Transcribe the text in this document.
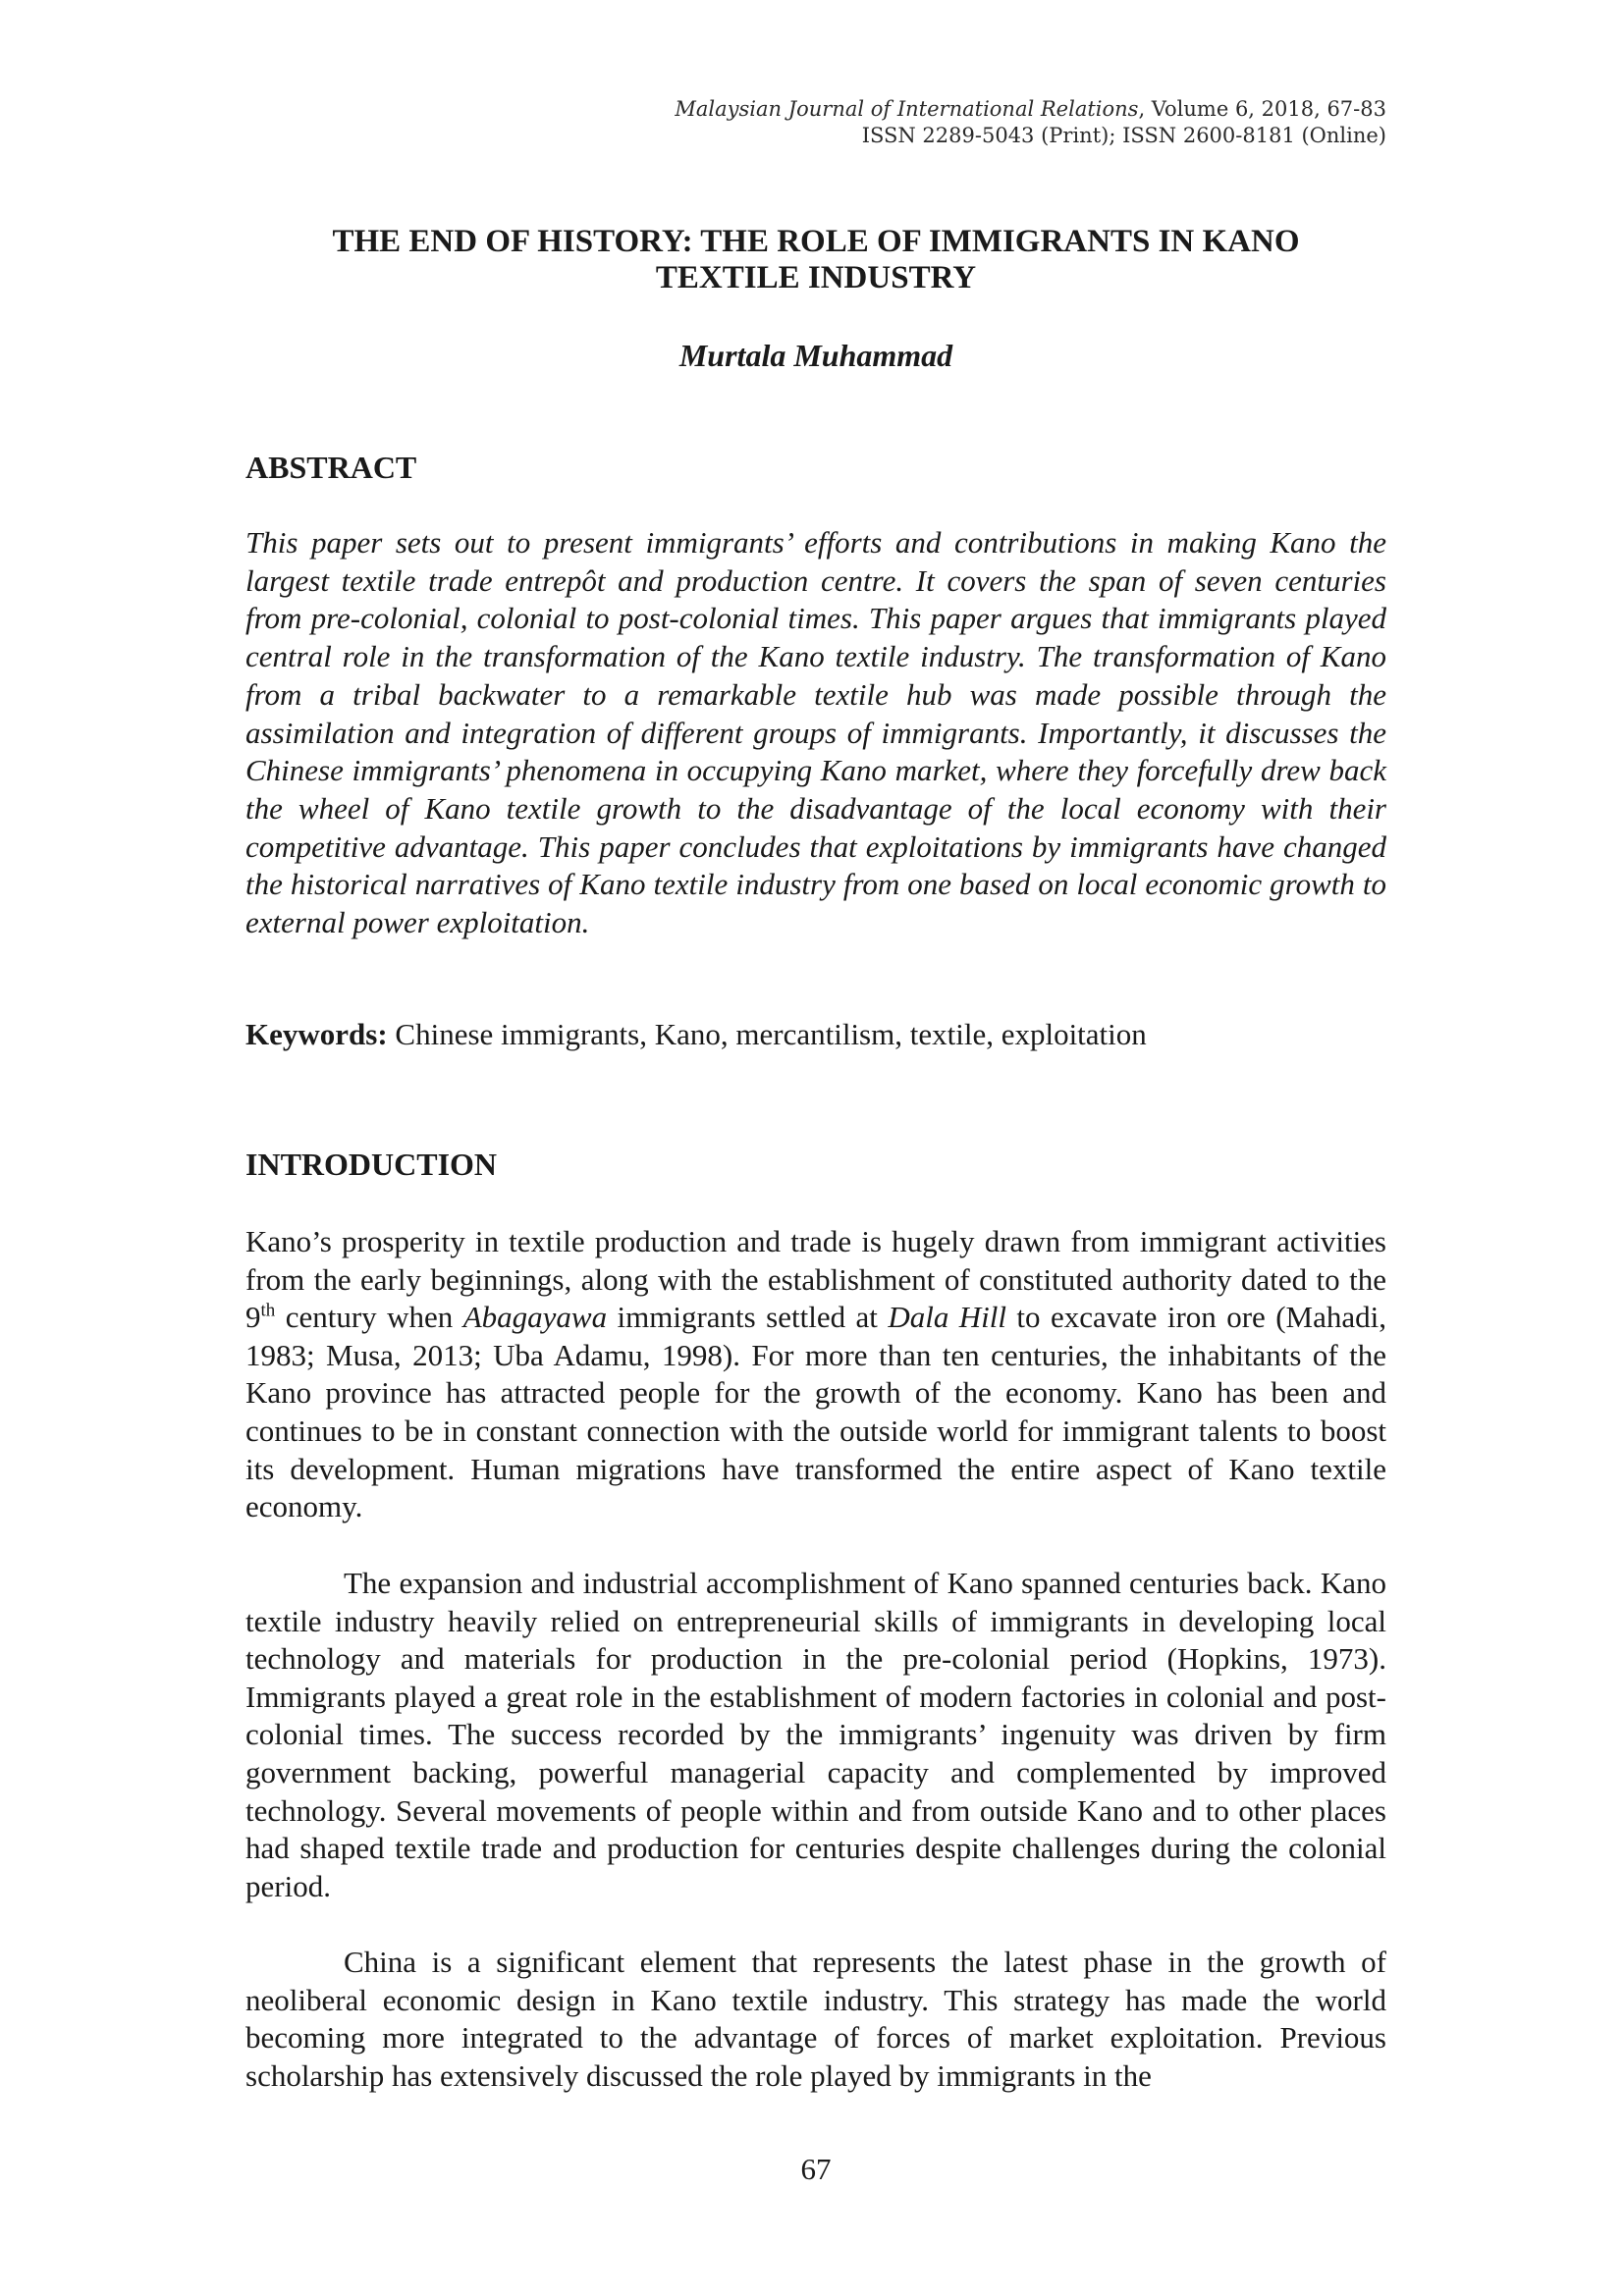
Malaysian Journal of International Relations, Volume 6, 2018, 67-83
ISSN 2289-5043 (Print); ISSN 2600-8181 (Online)
THE END OF HISTORY: THE ROLE OF IMMIGRANTS IN KANO
TEXTILE INDUSTRY

Murtala Muhammad

ABSTRACT

This paper sets out to present immigrants’ efforts and contributions in making Kano the largest textile trade entrepôt and production centre. It covers the span of seven centuries from pre-colonial, colonial to post-colonial times. This paper argues that immigrants played central role in the transformation of the Kano textile industry. The transformation of Kano from a tribal backwater to a remarkable textile hub was made possible through the assimilation and integration of different groups of immigrants. Importantly, it discusses the Chinese immigrants’ phenomena in occupying Kano market, where they forcefully drew back the wheel of Kano textile growth to the disadvantage of the local economy with their competitive advantage. This paper concludes that exploitations by immigrants have changed the historical narratives of Kano textile industry from one based on local economic growth to external power exploitation.

Keywords: Chinese immigrants, Kano, mercantilism, textile, exploitation

INTRODUCTION

Kano’s prosperity in textile production and trade is hugely drawn from immigrant activities from the early beginnings, along with the establishment of constituted authority dated to the 9th century when Abagayawa immigrants settled at Dala Hill to excavate iron ore (Mahadi, 1983; Musa, 2013; Uba Adamu, 1998). For more than ten centuries, the inhabitants of the Kano province has attracted people for the growth of the economy. Kano has been and continues to be in constant connection with the outside world for immigrant talents to boost its development. Human migrations have transformed the entire aspect of Kano textile economy.

The expansion and industrial accomplishment of Kano spanned centuries back. Kano textile industry heavily relied on entrepreneurial skills of immigrants in developing local technology and materials for production in the pre-colonial period (Hopkins, 1973). Immigrants played a great role in the establishment of modern factories in colonial and post-colonial times. The success recorded by the immigrants’ ingenuity was driven by firm government backing, powerful managerial capacity and complemented by improved technology. Several movements of people within and from outside Kano and to other places had shaped textile trade and production for centuries despite challenges during the colonial period.

China is a significant element that represents the latest phase in the growth of neoliberal economic design in Kano textile industry. This strategy has made the world becoming more integrated to the advantage of forces of market exploitation. Previous scholarship has extensively discussed the role played by immigrants in the

67
